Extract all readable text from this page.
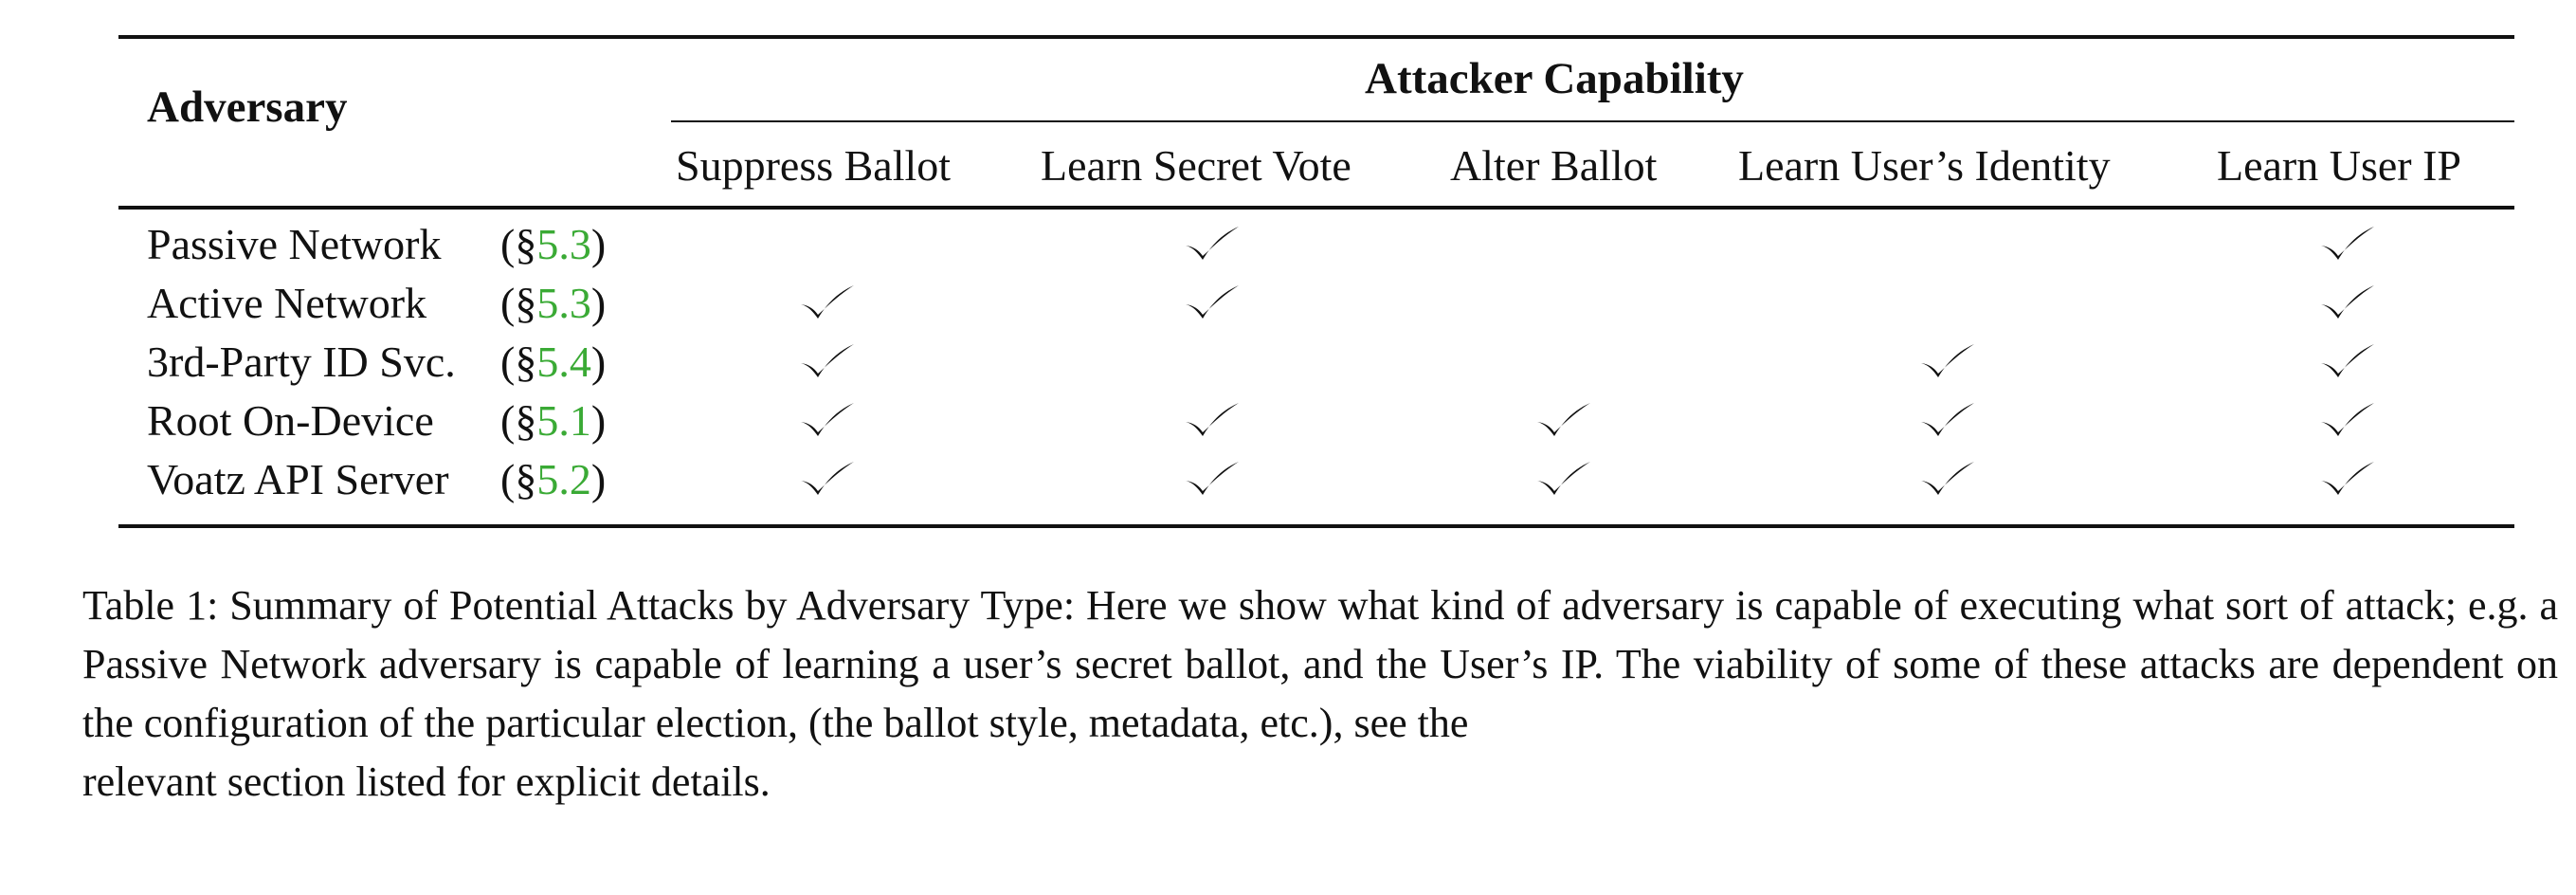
Adversary
Attacker Capability
Suppress Ballot Learn Secret Vote Alter Ballot Learn User’s Identity Learn User IP
Passive Network (§5.3)
Active Network (§5.3)
3rd-Party ID Svc. (§5.4)
Root On-Device (§5.1)
Voatz API Server (§5.2)
Table 1: Summary of Potential Attacks by Adversary Type: Here we show what kind of adversary is capable of executing what sort of attack; e.g. a Passive Network adversary is capable of learning a user’s secret ballot, and the User’s IP. The viability of some of these attacks are dependent on the configuration of the particular election, (the ballot style, metadata, etc.), see the
relevant section listed for explicit details.
